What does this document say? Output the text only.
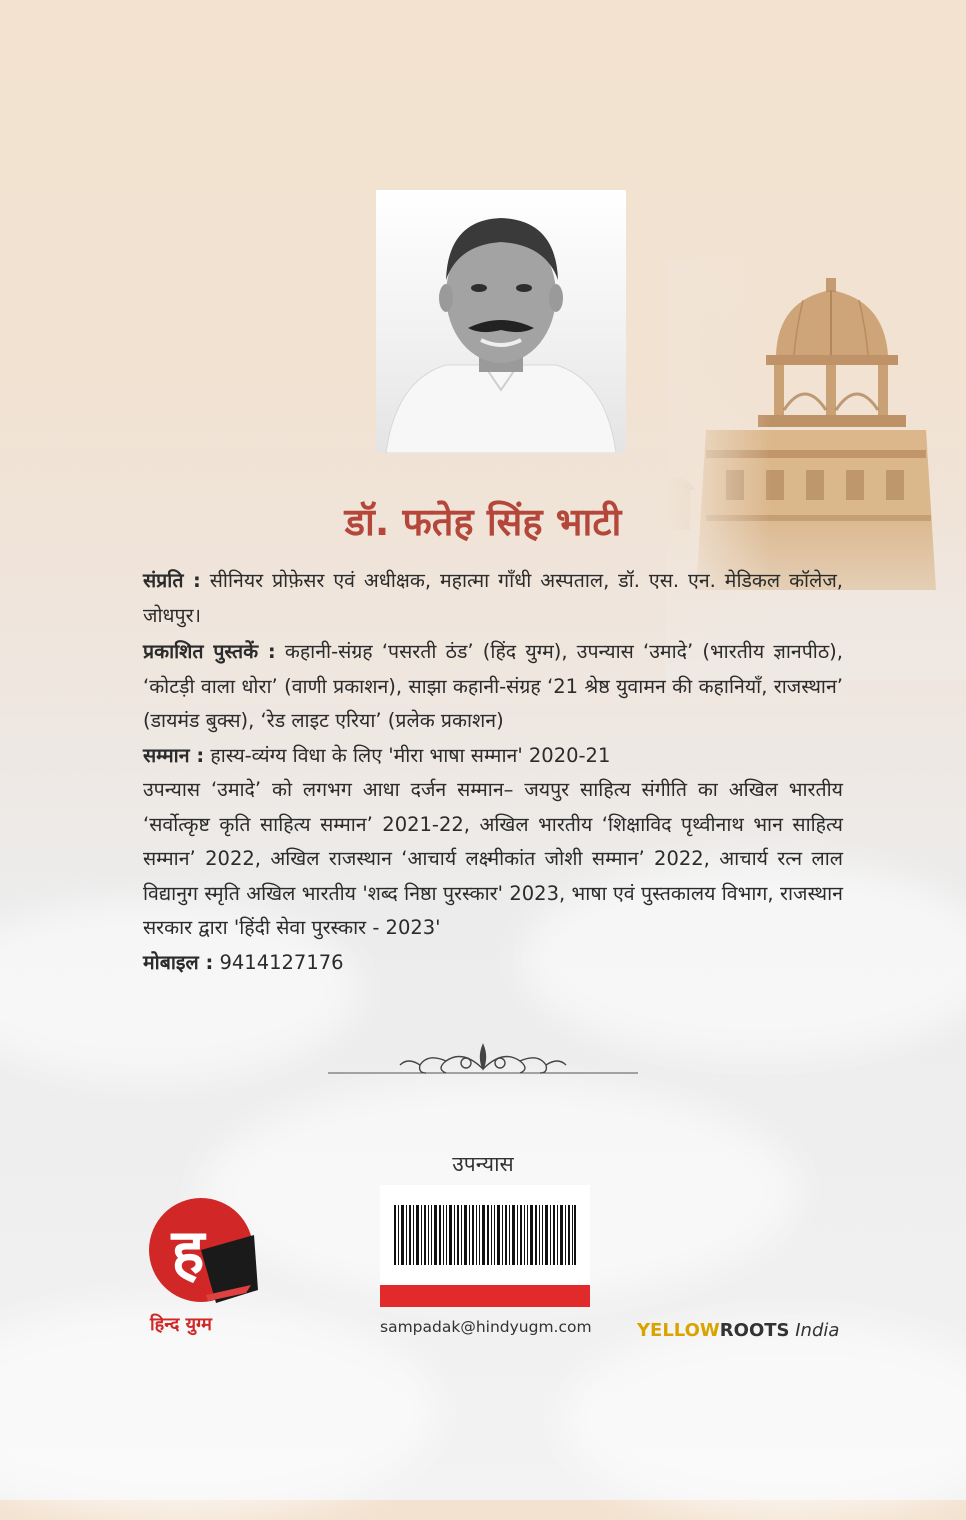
डॉ. फतेह सिंह भाटी

संप्रति : सीनियर प्रोफ़ेसर एवं अधीक्षक, महात्मा गाँधी अस्पताल, डॉ. एस. एन. मेडिकल कॉलेज, जोधपुर।

प्रकाशित पुस्तकें : कहानी-संग्रह ‘पसरती ठंड’ (हिंद युग्म), उपन्यास ‘उमादे’ (भारतीय ज्ञानपीठ), ‘कोटड़ी वाला धोरा’ (वाणी प्रकाशन), साझा कहानी-संग्रह ‘21 श्रेष्ठ युवामन की कहानियाँ, राजस्थान’ (डायमंड बुक्स), ‘रेड लाइट एरिया’ (प्रलेक प्रकाशन)

सम्मान : हास्य-व्यंग्य विधा के लिए 'मीरा भाषा सम्मान' 2020-21

उपन्यास ‘उमादे’ को लगभग आधा दर्जन सम्मान– जयपुर साहित्य संगीति का अखिल भारतीय ‘सर्वोत्कृष्ट कृति साहित्य सम्मान’ 2021-22, अखिल भारतीय ‘शिक्षाविद पृथ्वीनाथ भान साहित्य सम्मान’ 2022, अखिल राजस्थान ‘आचार्य लक्ष्मीकांत जोशी सम्मान’ 2022, आचार्य रत्न लाल विद्यानुग स्मृति अखिल भारतीय 'शब्द निष्ठा पुरस्कार' 2023, भाषा एवं पुस्तकालय विभाग, राजस्थान सरकार द्वारा 'हिंदी सेवा पुरस्कार - 2023'

मोबाइल : 9414127176

उपन्यास
sampadak@hindyugm.com
ह
हिन्द युग्म	YELLOWROOTS India
